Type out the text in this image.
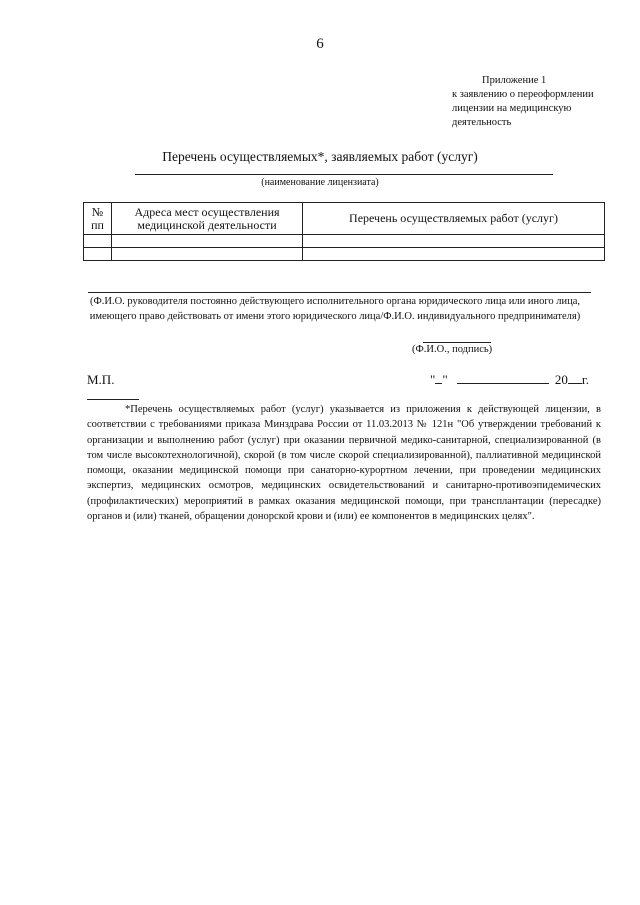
6
Приложение 1
к заявлению о переоформлении
лицензии на медицинскую
деятельность
Перечень осуществляемых*, заявляемых работ (услуг)
(наименование лицензиата)
№ пп	Адреса мест осуществления медицинской деятельности	Перечень осуществляемых работ (услуг)

(Ф.И.О. руководителя постоянно действующего исполнительного органа юридического лица или иного лица, имеющего право действовать от имени этого юридического лица/Ф.И.О. индивидуального предпринимателя)
(Ф.И.О., подпись)
М.П.	" "	20 г.
*Перечень осуществляемых работ (услуг) указывается из приложения к действующей лицензии, в соответствии с требованиями приказа Минздрава России от 11.03.2013 № 121н "Об утверждении требований к организации и выполнению работ (услуг) при оказании первичной медико-санитарной, специализированной (в том числе высокотехнологичной), скорой (в том числе скорой специализированной), паллиативной медицинской помощи, оказании медицинской помощи при санаторно-курортном лечении, при проведении медицинских экспертиз, медицинских осмотров, медицинских освидетельствований и санитарно-противоэпидемических (профилактических) мероприятий в рамках оказания медицинской помощи, при трансплантации (пересадке) органов и (или) тканей, обращении донорской крови и (или) ее компонентов в медицинских целях".
